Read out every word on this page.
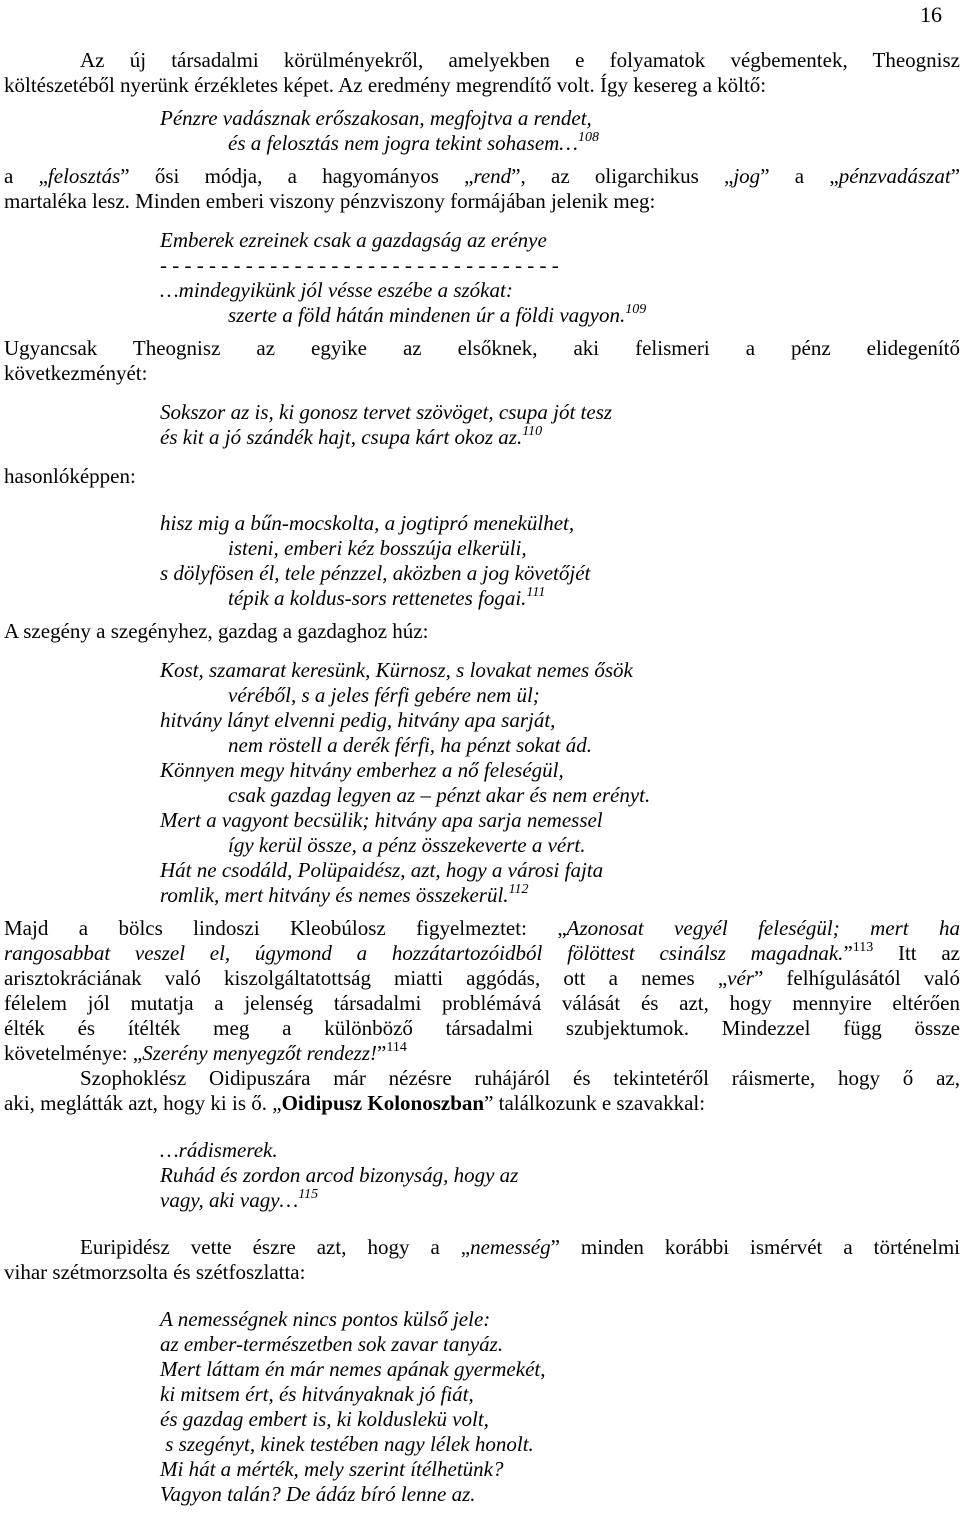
16
Az új társadalmi körülményekről, amelyekben e folyamatok végbementek, Theognisz
költészetéből nyerünk érzékletes képet. Az eredmény megrendítő volt. Így kesereg a költő:
Pénzre vadásznak erőszakosan, megfojtva a rendet,
és a felosztás nem jogra tekint sohasem…$^{108}$
a „felosztás” ősi módja, a hagyományos „rend”, az oligarchikus „jog” a „pénzvadászat”
martaléka lesz. Minden emberi viszony pénzviszony formájában jelenik meg:
Emberek ezreinek csak a gazdagság az erénye
- - - - - - - - - - - - - - - - - - - - - - - - - - - - - - - - -
…mindegyikünk jól vésse eszébe a szókat:
szerte a föld hátán mindenen úr a földi vagyon.$^{109}$
Ugyancsak Theognisz az egyike az elsőknek, aki felismeri a pénz elidegenítő
következményét:
Sokszor az is, ki gonosz tervet szövöget, csupa jót tesz
és kit a jó szándék hajt, csupa kárt okoz az.$^{110}$
hasonlóképpen:
hisz mig a bűn-mocskolta, a jogtipró menekülhet,
isteni, emberi kéz bosszúja elkerüli,
s dölyfösen él, tele pénzzel, aközben a jog követőjét
tépik a koldus-sors rettenetes fogai.$^{111}$
A szegény a szegényhez, gazdag a gazdaghoz húz:
Kost, szamarat keresünk, Kürnosz, s lovakat nemes ősök
véréből, s a jeles férfi gebére nem ül;
hitvány lányt elvenni pedig, hitvány apa sarját,
nem röstell a derék férfi, ha pénzt sokat ád.
Könnyen megy hitvány emberhez a nő feleségül,
csak gazdag legyen az – pénzt akar és nem erényt.
Mert a vagyont becsülik; hitvány apa sarja nemessel
így kerül össze, a pénz összekeverte a vért.
Hát ne csodáld, Polüpaidész, azt, hogy a városi fajta
romlik, mert hitvány és nemes összekerül.$^{112}$
Majd a bölcs lindoszi Kleobúlosz figyelmeztet: „Azonosat vegyél feleségül; mert ha
rangosabbat veszel el, úgymond a hozzátartozóidból fölöttest csinálsz magadnak.”$^{113}$ Itt az
arisztokráciának való kiszolgáltatottság miatti aggódás, ott a nemes „vér” felhígulásától való
félelem jól mutatja a jelenség társadalmi problémává válását és azt, hogy mennyire eltérően
élték és ítélték meg a különböző társadalmi szubjektumok. Mindezzel függ össze
követelménye: „Szerény menyegzőt rendezz!”$^{114}$
Szophoklész Oidipuszára már nézésre ruhájáról és tekintetéről ráismerte, hogy ő az,
aki, meglátták azt, hogy ki is ő. „Oidipusz Kolonoszban” találkozunk e szavakkal:
…rádismerek.
Ruhád és zordon arcod bizonyság, hogy az
vagy, aki vagy…$^{115}$
Euripidész vette észre azt, hogy a „nemesség” minden korábbi ismérvét a történelmi
vihar szétmorzsolta és szétfoszlatta:
A nemességnek nincs pontos külső jele:
az ember-természetben sok zavar tanyáz.
Mert láttam én már nemes apának gyermekét,
ki mitsem ért, és hitványaknak jó fiát,
és gazdag embert is, ki kolduslekü volt,
s szegényt, kinek testében nagy lélek honolt.
Mi hát a mérték, mely szerint ítélhetünk?
Vagyon talán? De ádáz bíró lenne az.
